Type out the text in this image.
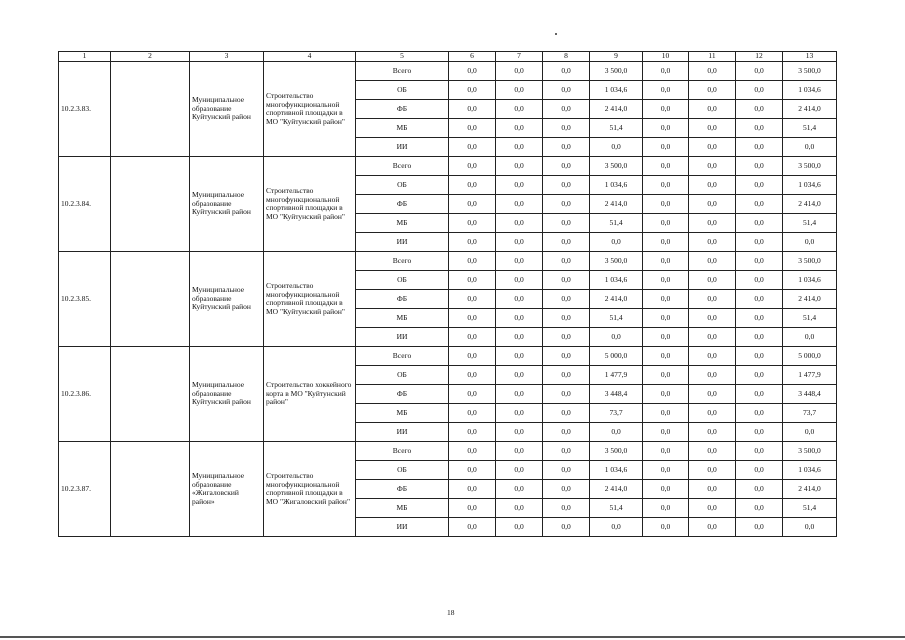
1	2	3	4	5	6	7	8	9	10	11	12	13
10.2.3.83.		Муниципальное образование Куйтунский район	Строительство многофункциональной спортивной площадки в МО "Куйтунский район"	Всего	0,0	0,0	0,0	3 500,0	0,0	0,0	0,0	3 500,0
				ОБ	0,0	0,0	0,0	1 034,6	0,0	0,0	0,0	1 034,6
				ФБ	0,0	0,0	0,0	2 414,0	0,0	0,0	0,0	2 414,0
				МБ	0,0	0,0	0,0	51,4	0,0	0,0	0,0	51,4
				ИИ	0,0	0,0	0,0	0,0	0,0	0,0	0,0	0,0
10.2.3.84.		Муниципальное образование Куйтунский район	Строительство многофункциональной спортивной площадки в МО "Куйтунский район"	Всего	0,0	0,0	0,0	3 500,0	0,0	0,0	0,0	3 500,0
				ОБ	0,0	0,0	0,0	1 034,6	0,0	0,0	0,0	1 034,6
				ФБ	0,0	0,0	0,0	2 414,0	0,0	0,0	0,0	2 414,0
				МБ	0,0	0,0	0,0	51,4	0,0	0,0	0,0	51,4
				ИИ	0,0	0,0	0,0	0,0	0,0	0,0	0,0	0,0
10.2.3.85.		Муниципальное образование Куйтунский район	Строительство многофункциональной спортивной площадки в МО "Куйтунский район"	Всего	0,0	0,0	0,0	3 500,0	0,0	0,0	0,0	3 500,0
				ОБ	0,0	0,0	0,0	1 034,6	0,0	0,0	0,0	1 034,6
				ФБ	0,0	0,0	0,0	2 414,0	0,0	0,0	0,0	2 414,0
				МБ	0,0	0,0	0,0	51,4	0,0	0,0	0,0	51,4
				ИИ	0,0	0,0	0,0	0,0	0,0	0,0	0,0	0,0
10.2.3.86.		Муниципальное образование Куйтунский район	Строительство хоккейного корта в МО "Куйтунский район"	Всего	0,0	0,0	0,0	5 000,0	0,0	0,0	0,0	5 000,0
				ОБ	0,0	0,0	0,0	1 477,9	0,0	0,0	0,0	1 477,9
				ФБ	0,0	0,0	0,0	3 448,4	0,0	0,0	0,0	3 448,4
				МБ	0,0	0,0	0,0	73,7	0,0	0,0	0,0	73,7
				ИИ	0,0	0,0	0,0	0,0	0,0	0,0	0,0	0,0
10.2.3.87.		Муниципальное образование «Жигаловский район»	Строительство многофункциональной спортивной площадки в МО "Жигаловский район"	Всего	0,0	0,0	0,0	3 500,0	0,0	0,0	0,0	3 500,0
				ОБ	0,0	0,0	0,0	1 034,6	0,0	0,0	0,0	1 034,6
				ФБ	0,0	0,0	0,0	2 414,0	0,0	0,0	0,0	2 414,0
				МБ	0,0	0,0	0,0	51,4	0,0	0,0	0,0	51,4
				ИИ	0,0	0,0	0,0	0,0	0,0	0,0	0,0	0,0
18
